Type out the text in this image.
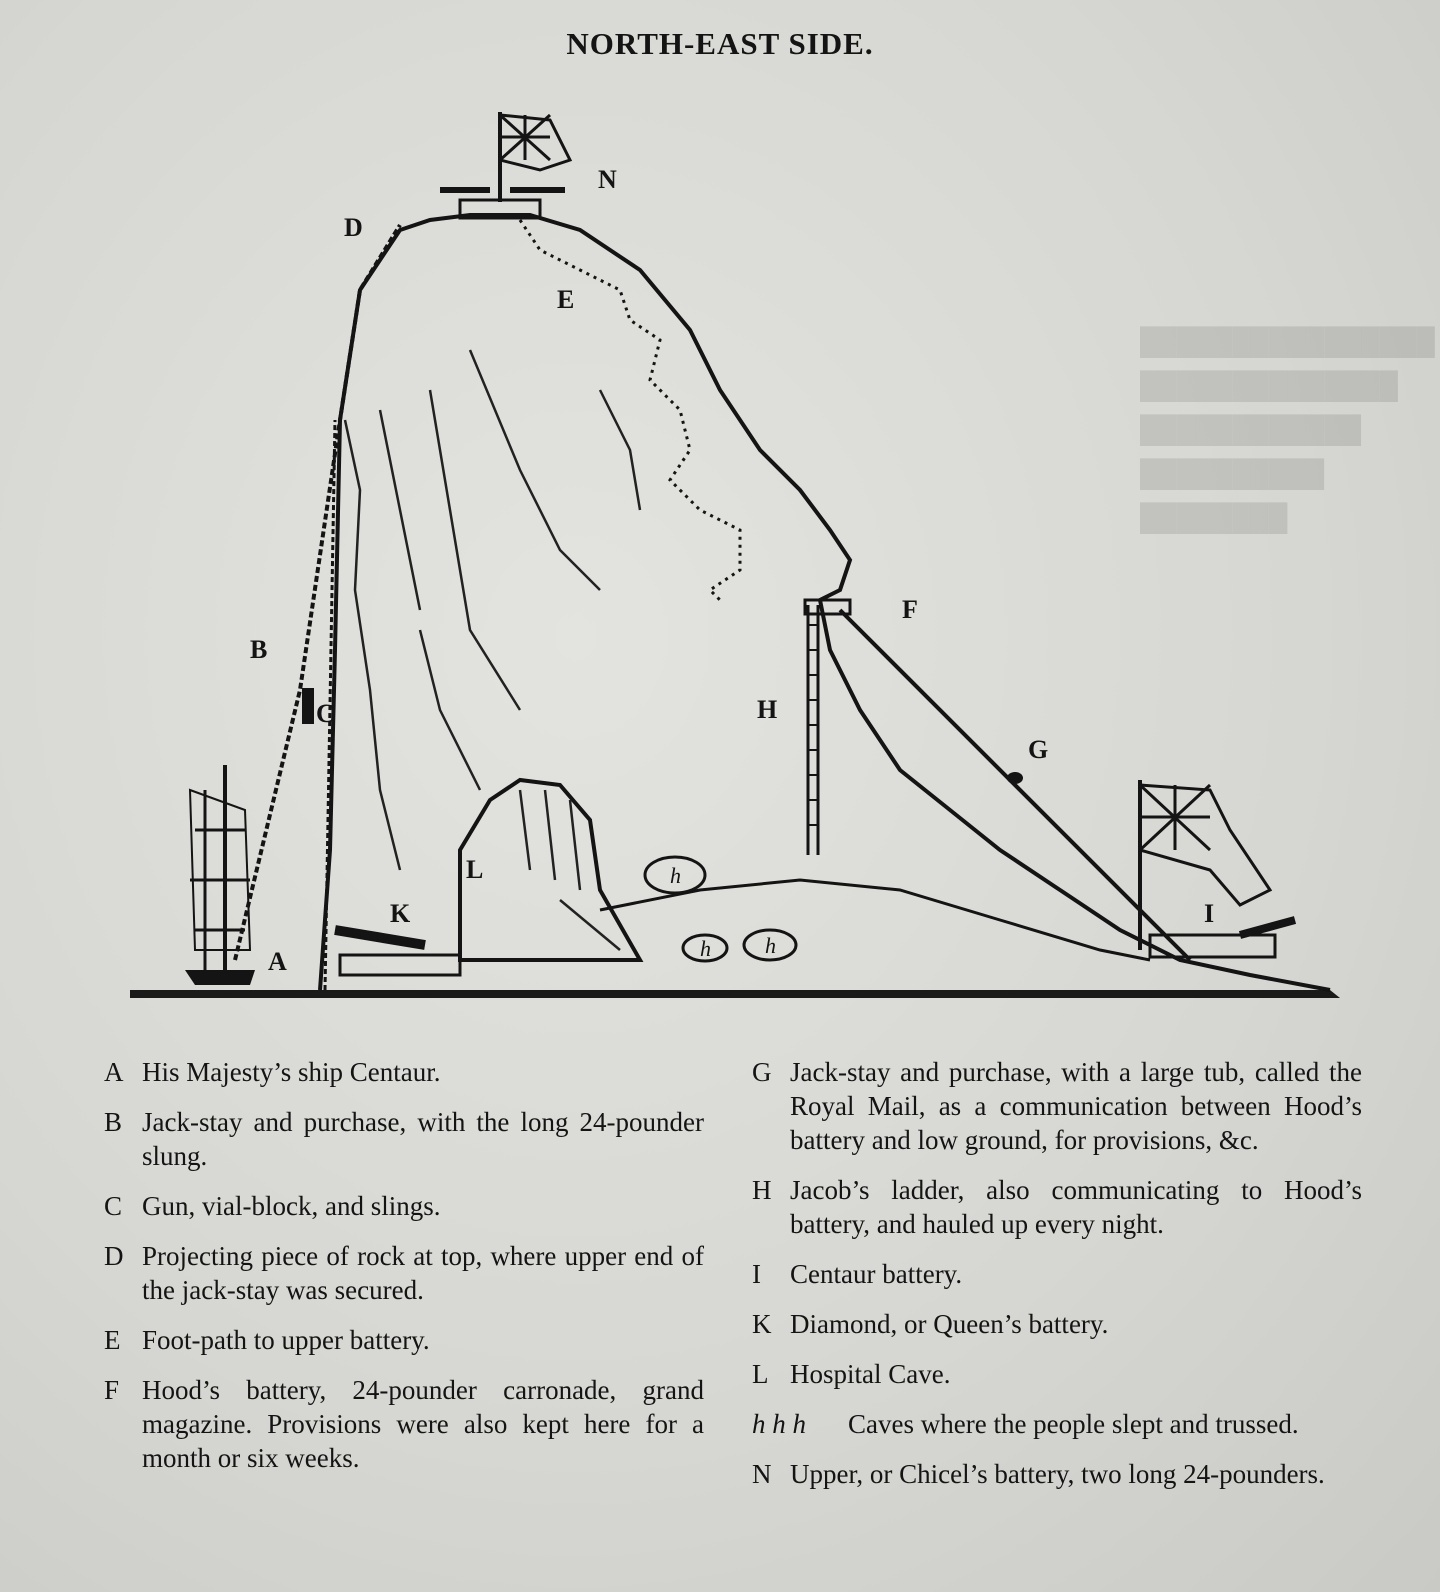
████████████████
██████████████
████████████
██████████
████████
NORTH-EAST SIDE.
N
D
E
F
B
C	H
G
L
K	I
A
h
h h
A His Majesty’s ship Centaur.
B Jack-stay and purchase, with the long 24-pounder slung.
C Gun, vial-block, and slings.
D Projecting piece of rock at top, where upper end of the jack-stay was secured.
E Foot-path to upper battery.
F Hood’s battery, 24-pounder carronade, grand magazine. Provisions were also kept here for a month or six weeks.
G Jack-stay and purchase, with a large tub, called the Royal Mail, as a communication between Hood’s battery and low ground, for provisions, &c.
H Jacob’s ladder, also communicating to Hood’s battery, and hauled up every night.
I	Centaur battery.
K Diamond, or Queen’s battery.
L Hospital Cave.
h h h	Caves where the people slept and trussed.
N Upper, or Chicel’s battery, two long 24-pounders.
